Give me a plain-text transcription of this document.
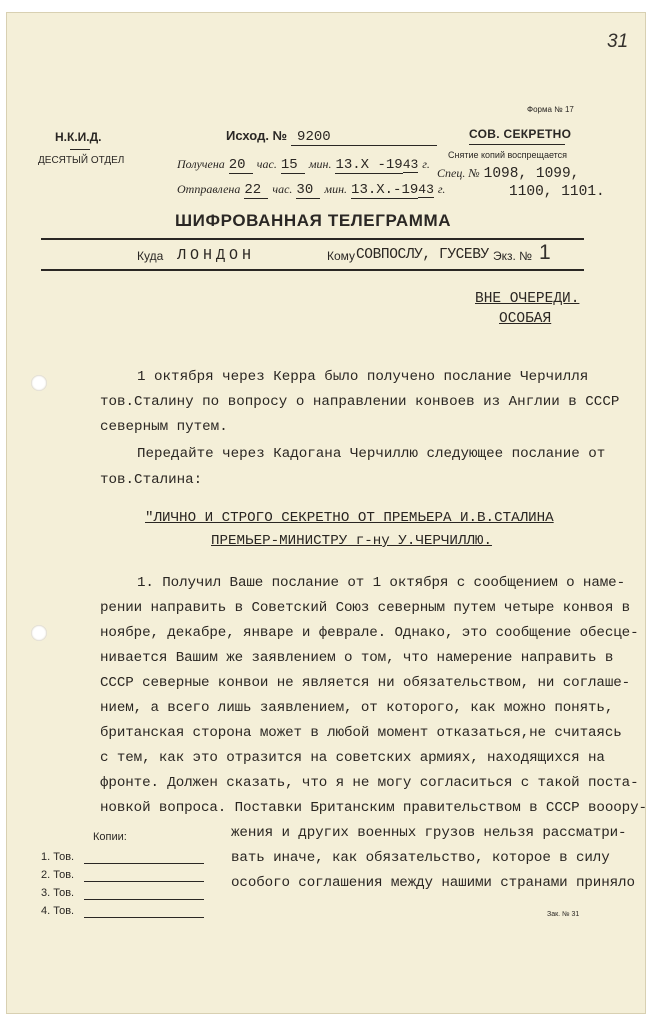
31
Форма № 17
Н.К.И.Д.
ДЕСЯТЫЙ ОТДЕЛ
Исход. № 9200
Получена 20 час. 15 мин. 13.Х -1943 г.
Отправлена 22 час. 30 мин. 13.Х.-1943 г.
СОВ. СЕКРЕТНО
Снятие копий воспрещается
Спец. № 1098, 1099,
1100, 1101.
ШИФРОВАННАЯ ТЕЛЕГРАММА
Куда ЛОНДОН	Кому СОВПОСЛУ, ГУСЕВУ Экз. № 1
ВНЕ ОЧЕРЕДИ.
ОСОБАЯ
1 октября через Керра было получено послание Черчилля
тов.Сталину по вопросу о направлении конвоев из Англии в СССР
северным путем.
Передайте через Кадогана Черчиллю следующее послание от
тов.Сталина:
"ЛИЧНО И СТРОГО СЕКРЕТНО ОТ ПРЕМЬЕРА И.В.СТАЛИНА
ПРЕМЬЕР-МИНИСТРУ г-ну У.ЧЕРЧИЛЛЮ.
1. Получил Ваше послание от 1 октября с сообщением о наме-
рении направить в Советский Союз северным путем четыре конвоя в
ноябре, декабре, январе и феврале. Однако, это сообщение обесце-
нивается Вашим же заявлением о том, что намерение направить в
СССР северные конвои не является ни обязательством, ни соглаше-
нием, а всего лишь заявлением, от которого, как можно понять,
британская сторона может в любой момент отказаться,не считаясь
с тем, как это отразится на советских армиях, находящихся на
фронте. Должен сказать, что я не могу согласиться с такой поста-
новкой вопроса. Поставки Британским правительством в СССР вооору-
жения и других военных грузов нельзя рассматри-
вать иначе, как обязательство, которое в силу
особого соглашения между нашими странами приняло
Копии:
1. Тов.
2. Тов.
3. Тов.
4. Тов.	Зак. № 31
